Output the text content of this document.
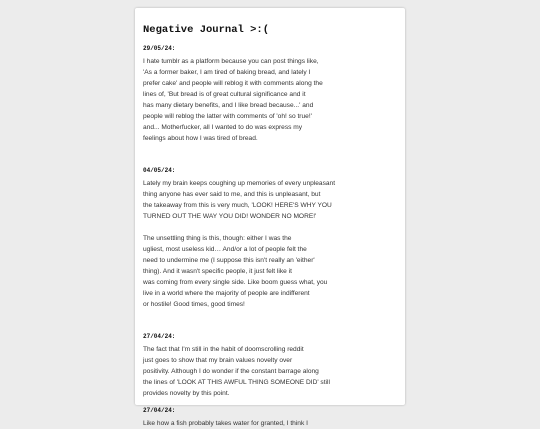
Negative Journal >:(
29/05/24:
I hate tumblr as a platform because you can post things like,
'As a former baker, I am tired of baking bread, and lately I
prefer cake' and people will reblog it with comments along the
lines of, 'But bread is of great cultural significance and it
has many dietary benefits, and I like bread because...' and
people will reblog the latter with comments of 'oh! so true!'
and... Motherfucker, all I wanted to do was express my
feelings about how I was tired of bread.
04/05/24:
Lately my brain keeps coughing up memories of every unpleasant
thing anyone has ever said to me, and this is unpleasant, but
the takeaway from this is very much, 'LOOK! HERE'S WHY YOU
TURNED OUT THE WAY YOU DID! WONDER NO MORE!'
The unsettling thing is this, though: either I was the
ugliest, most useless kid… And/or a lot of people felt the
need to undermine me (I suppose this isn't really an 'either'
thing). And it wasn't specific people, it just felt like it
was coming from every single side. Like boom guess what, you
live in a world where the majority of people are indifferent
or hostile! Good times, good times!
27/04/24:
The fact that I'm still in the habit of doomscrolling reddit
just goes to show that my brain values novelty over
positivity. Although I do wonder if the constant barrage along
the lines of 'LOOK AT THIS AWFUL THING SOMEONE DID' still
provides novelty by this point.
27/04/24:
Like how a fish probably takes water for granted, I think I
